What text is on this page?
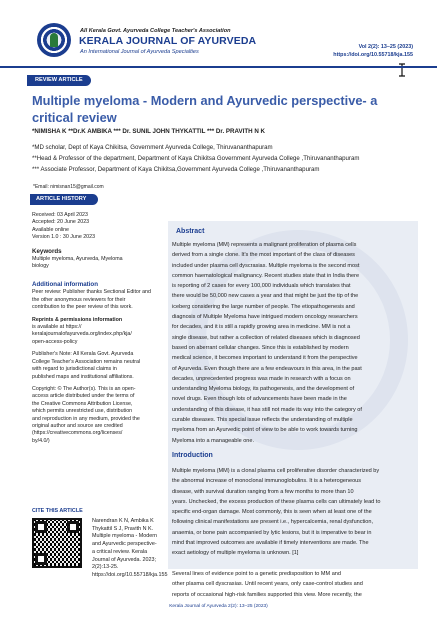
All Kerala Govt. Ayurveda College Teacher's Association
KERALA JOURNAL OF AYURVEDA
An International Journal of Ayurveda Specialties
Vol 2(2): 13–25 (2023)
https://doi.org/10.55718/kja.155
REVIEW ARTICLE
Multiple myeloma - Modern and Ayurvedic perspective- a critical review
*NIMISHA K **Dr.K AMBIKA *** Dr. SUNIL JOHN THYKATTIL *** Dr. PRAVITH N K
*MD scholar, Dept of Kaya Chikitsa, Government Ayurveda College, Thiruvananthapuram
**Head & Professor of the department, Department of Kaya Chikitsa Government Ayurveda College ,Thiruvananthapuram
*** Associate Professor, Department of Kaya Chikitsa,Government Ayurveda College ,Thiruvananthapuram
*Email: nimisnan15@gmail.com
ARTICLE HISTORY
Received: 03 April 2023
Accepted: 20 June 2023
Available online
Version 1.0 : 30 June 2023
Keywords
Multiple myeloma, Ayurveda, Myeloma
biology
Additional information
Peer review: Publisher thanks Sectional Editor and
the other anonymous reviewers for their
contribution to the peer review of this work.
Reprints & permissions information
is available at https://
keralajournalofayurveda.org/index.php/kja/
open-access-policy
Publisher's Note: All Kerala Govt. Ayurveda
College Teacher's Association remains neutral
with regard to jurisdictional claims in
published maps and institutional affiliations.
Copyright: © The Author(s). This is an open-
access article distributed under the terms of
the Creative Commons Attribution License,
which permits unrestricted use, distribution
and reproduction in any medium, provided the
original author and source are credited
(https://creativecommons.org/licenses/
by/4.0/)
CITE THIS ARTICLE
Narendran K N, Ambika K
Thykattil S J, Pravith N K.
Multiple myeloma - Modern
and Ayurvedic perspective-
a critical review. Kerala
Journal of Ayurveda. 2023;
2(2):13-25.
https://doi.org/10.55718/kja.155
Abstract
Multiple myeloma (MM) represents a malignant proliferation of plasma cells
derived from a single clone. It's the most important of the class of diseases
included under plasma cell dyscrasias. Multiple myeloma is the second most
common haematological malignancy. Recent studies state that in India there
is reporting of 2 cases for every 100,000 individuals which translates that
there would be 50,000 new cases a year and that might be just the tip of the
iceberg considering the large number of people. The etiopathogenesis and
diagnosis of Multiple Myeloma have intrigued modern oncology researchers
for decades, and it is still a rapidly growing area in medicine. MM is not a
single disease, but rather a collection of related diseases which is diagnosed
based on aberrant cellular changes. Since this is established by modern
medical science, it becomes important to understand it from the perspective
of Ayurveda. Even though there are a few endeavours in this area, in the past
decades, unprecedented progress was made in research with a focus on
understanding Myeloma biology, its pathogenesis, and the development of
novel drugs. Even though lots of advancements have been made in the
understanding of this disease, it has still not made its way into the category of
curable diseases. This special issue reflects the understanding of multiple
myeloma from an Ayurvedic point of view to be able to work towards turning
Myeloma into a manageable one.
Introduction
Multiple myeloma (MM) is a clonal plasma cell proliferative disorder characterized by
the abnormal increase of monoclonal immunoglobulins. It is a heterogeneous
disease, with survival duration ranging from a few months to more than 10
years. Unchecked, the excess production of these plasma cells can ultimately lead to
specific end-organ damage. Most commonly, this is seen when at least one of the
following clinical manifestations are present i.e., hypercalcemia, renal dysfunction,
anaemia, or bone pain accompanied by lytic lesions, but it is imperative to bear in
mind that improved outcomes are available if timely interventions are made. The
exact aetiology of multiple myeloma is unknown. [1]

Several lines of evidence point to a genetic predisposition to MM and
other plasma cell dyscrasias. Until recent years, only case-control studies and
reports of occasional high-risk families supported this view. More recently, the
Kerala Journal of Ayurveda 2(2): 13–25 (2023)
